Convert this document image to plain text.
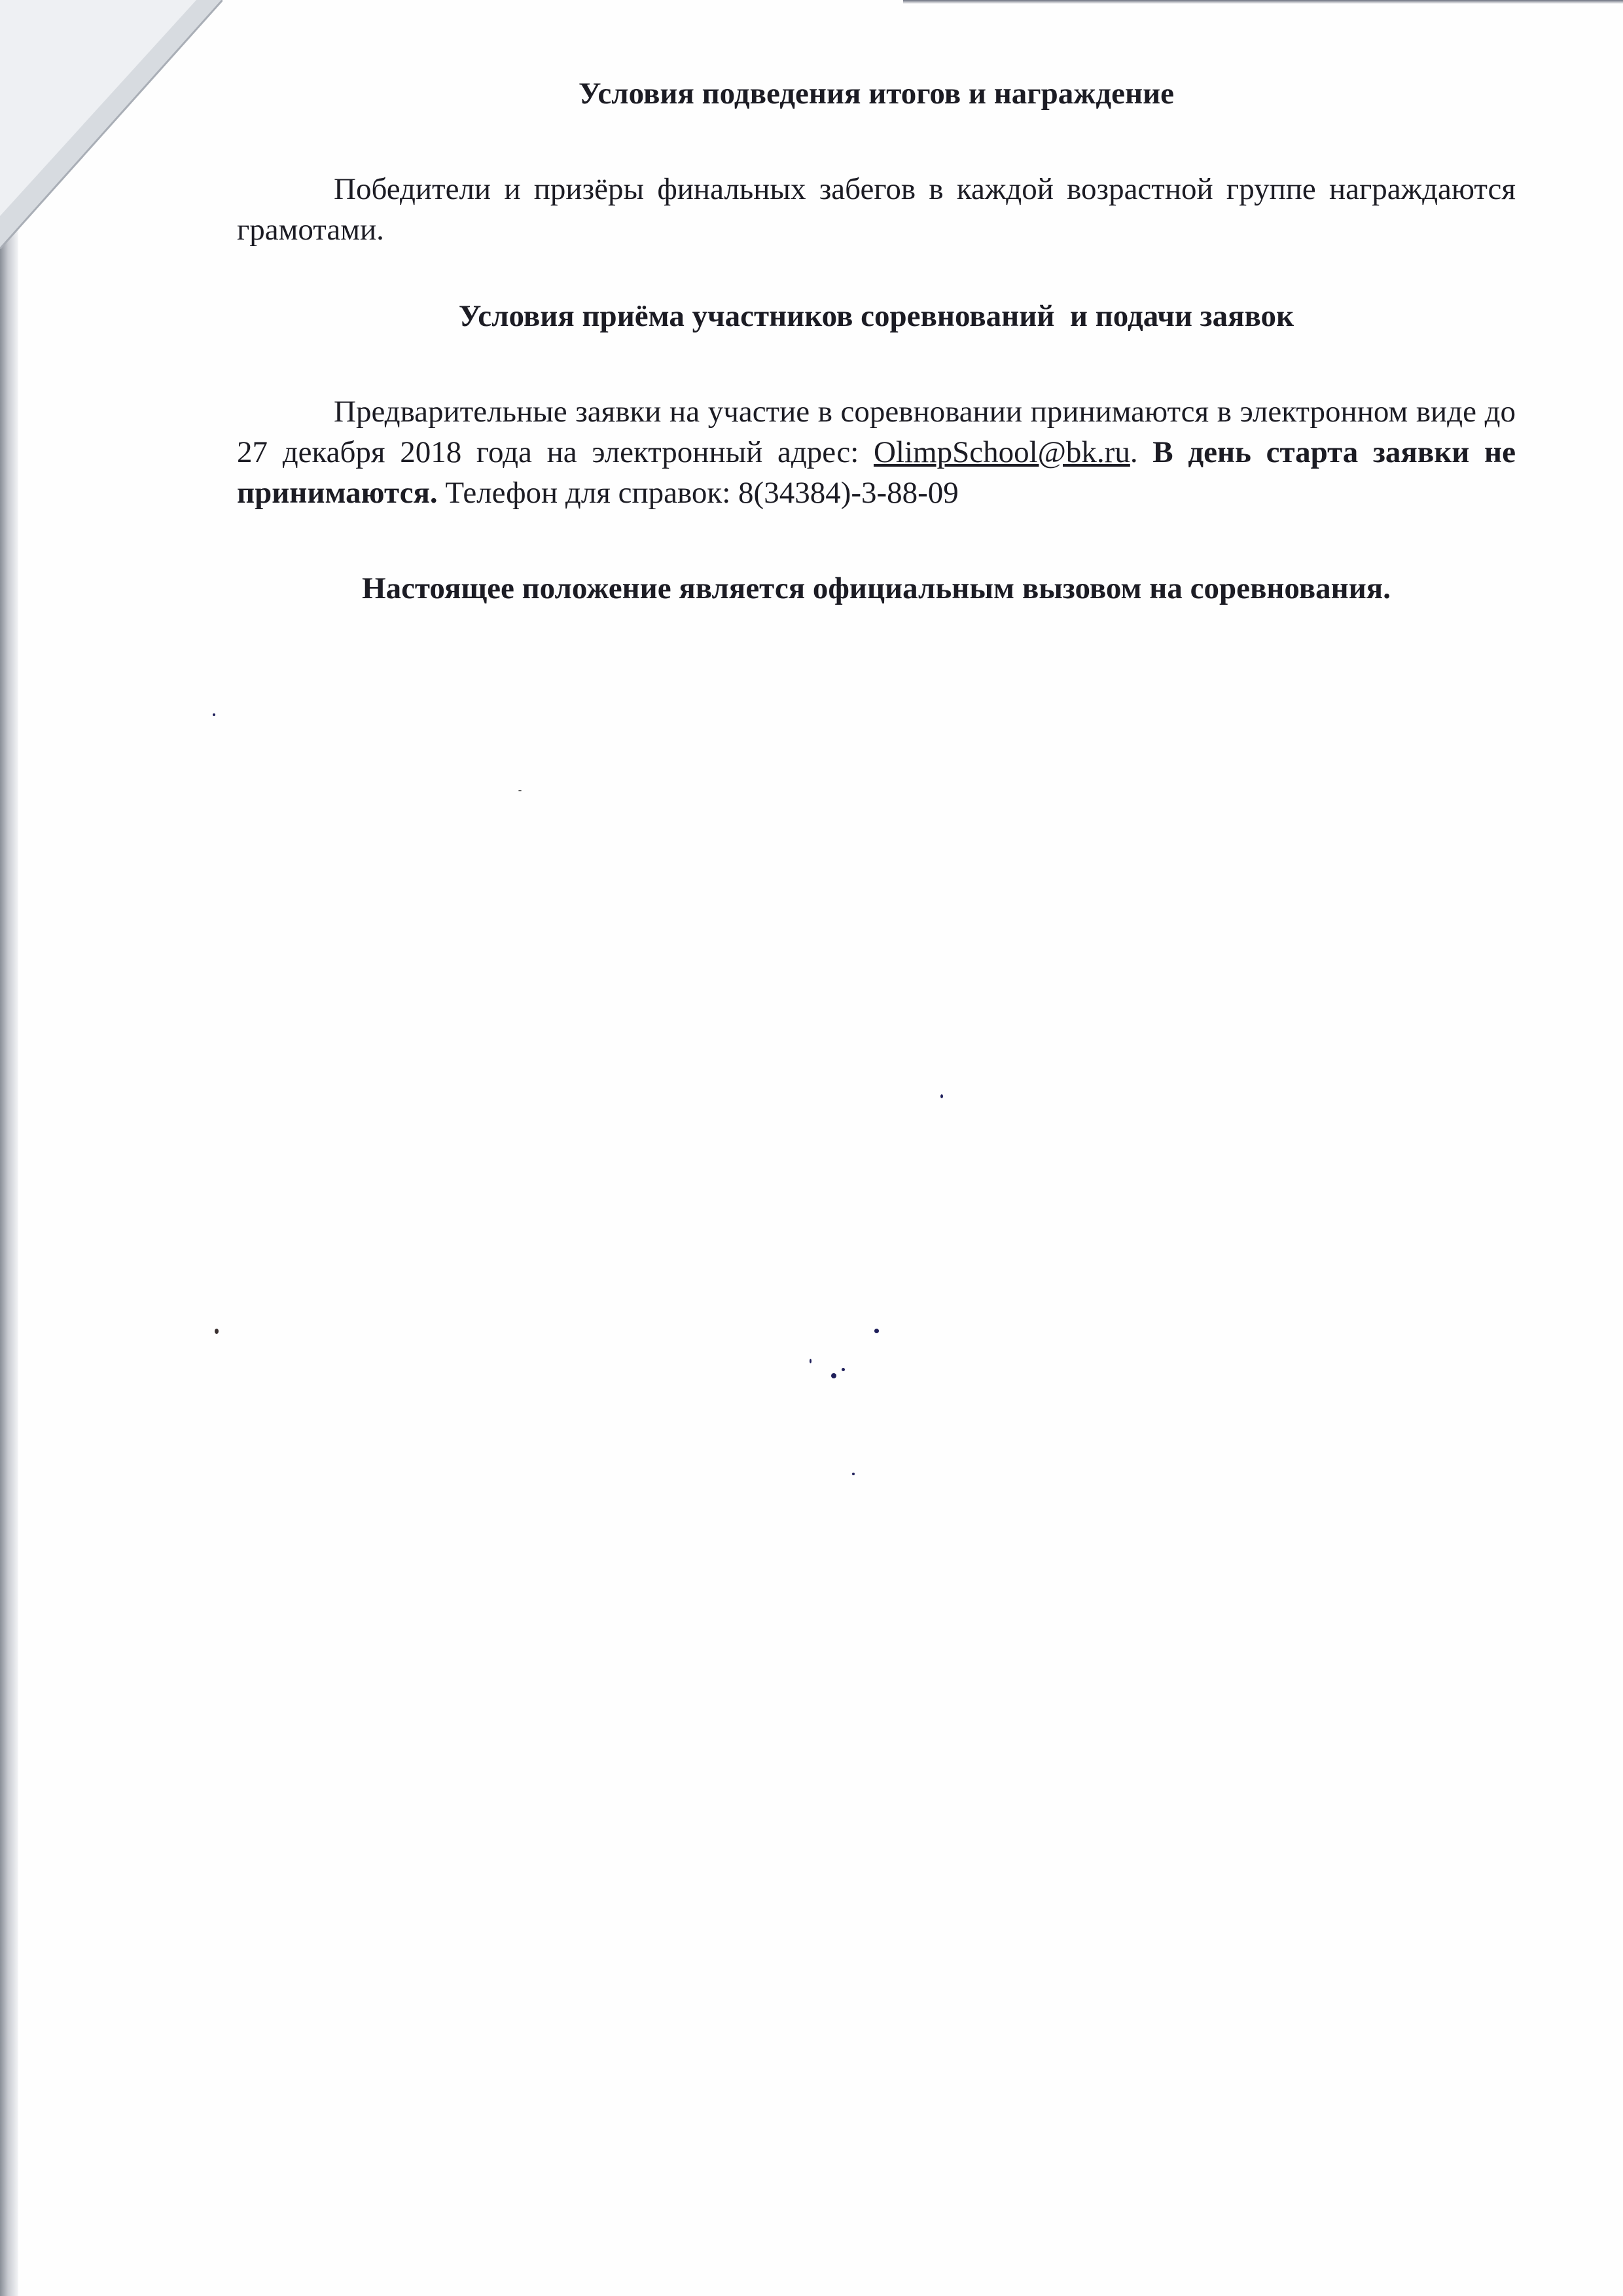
Условия подведения итогов и награждение

Победители и призёры финальных забегов в каждой возрастной группе награждаются грамотами.

Условия приёма участников соревнований  и подачи заявок

Предварительные заявки на участие в соревновании принимаются в электронном виде до 27 декабря 2018 года на электронный адрес: OlimpSchool@bk.ru. В день старта заявки не принимаются. Телефон для справок: 8(34384)-3-88-09

Настоящее положение является официальным вызовом на соревнования.
